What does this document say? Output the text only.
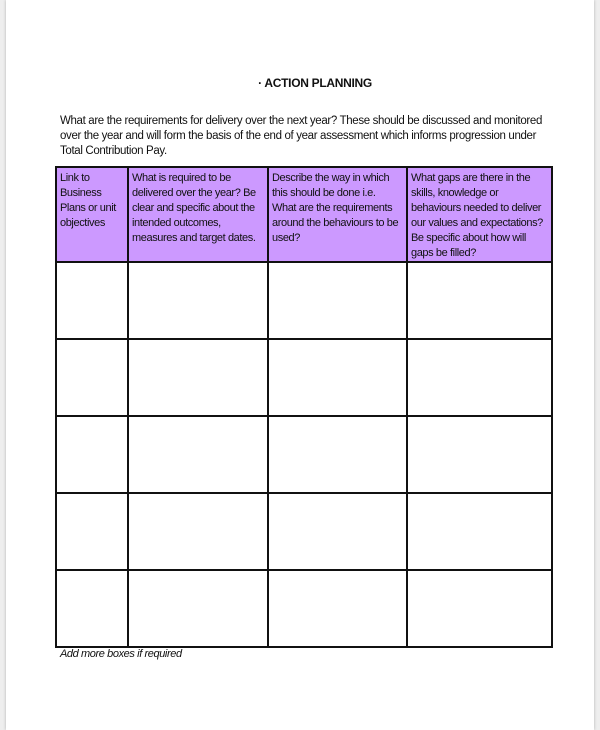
· ACTION PLANNING
What are the requirements for delivery over the next year? These should be discussed and monitored over the year and will form the basis of the end of year assessment which informs progression under Total Contribution Pay.
Link to Business Plans or unit objectives	What is required to be delivered over the year? Be clear and specific about the intended outcomes, measures and target dates.	Describe the way in which this should be done i.e. What are the requirements around the behaviours to be used?	What gaps are there in the skills, knowledge or behaviours needed to deliver our values and expectations? Be specific about how will gaps be filled?

Add more boxes if required
